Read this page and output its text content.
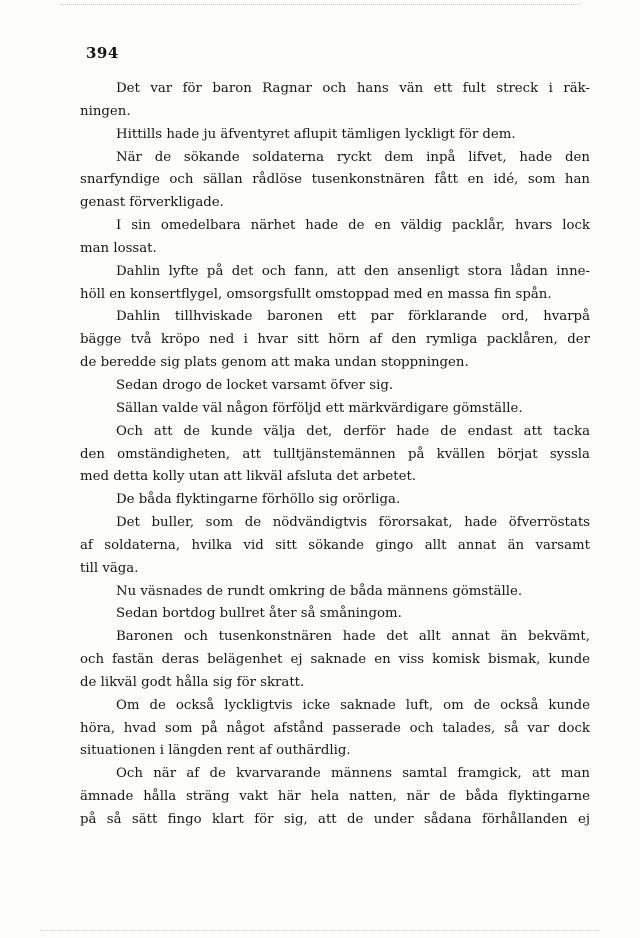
394

Det var för baron Ragnar och hans vän ett fult streck i räk-
ningen.

Hittills hade ju äfventyret aflupit tämligen lyckligt för dem.

När de sökande soldaterna ryckt dem inpå lifvet, hade den
snarfyndige och sällan rådlöse tusenkonstnären fått en idé, som han
genast förverkligade.

I sin omedelbara närhet hade de en väldig packlår, hvars lock
man lossat.

Dahlin lyfte på det och fann, att den ansenligt stora lådan inne-
höll en konsertflygel, omsorgsfullt omstoppad med en massa fin spån.

Dahlin tillhviskade baronen ett par förklarande ord, hvarpå
bägge två kröpo ned i hvar sitt hörn af den rymliga packlåren, der
de beredde sig plats genom att maka undan stoppningen.

Sedan drogo de locket varsamt öfver sig.

Sällan valde väl någon förföljd ett märkvärdigare gömställe.

Och att de kunde välja det, derför hade de endast att tacka
den omständigheten, att tulltjänstemännen på kvällen börjat syssla
med detta kolly utan att likväl afsluta det arbetet.

De båda flyktingarne förhöllo sig orörliga.

Det buller, som de nödvändigtvis förorsakat, hade öfverröstats
af soldaterna, hvilka vid sitt sökande gingo allt annat än varsamt
till väga.

Nu väsnades de rundt omkring de båda männens gömställe.

Sedan bortdog bullret åter så småningom.

Baronen och tusenkonstnären hade det allt annat än bekvämt,
och fastän deras belägenhet ej saknade en viss komisk bismak, kunde
de likväl godt hålla sig för skratt.

Om de också lyckligtvis icke saknade luft, om de också kunde
höra, hvad som på något afstånd passerade och talades, så var dock
situationen i längden rent af outhärdlig.

Och när af de kvarvarande männens samtal framgick, att man
ämnade hålla sträng vakt här hela natten, när de båda flyktingarne
på så sätt fingo klart för sig, att de under sådana förhållanden ej
